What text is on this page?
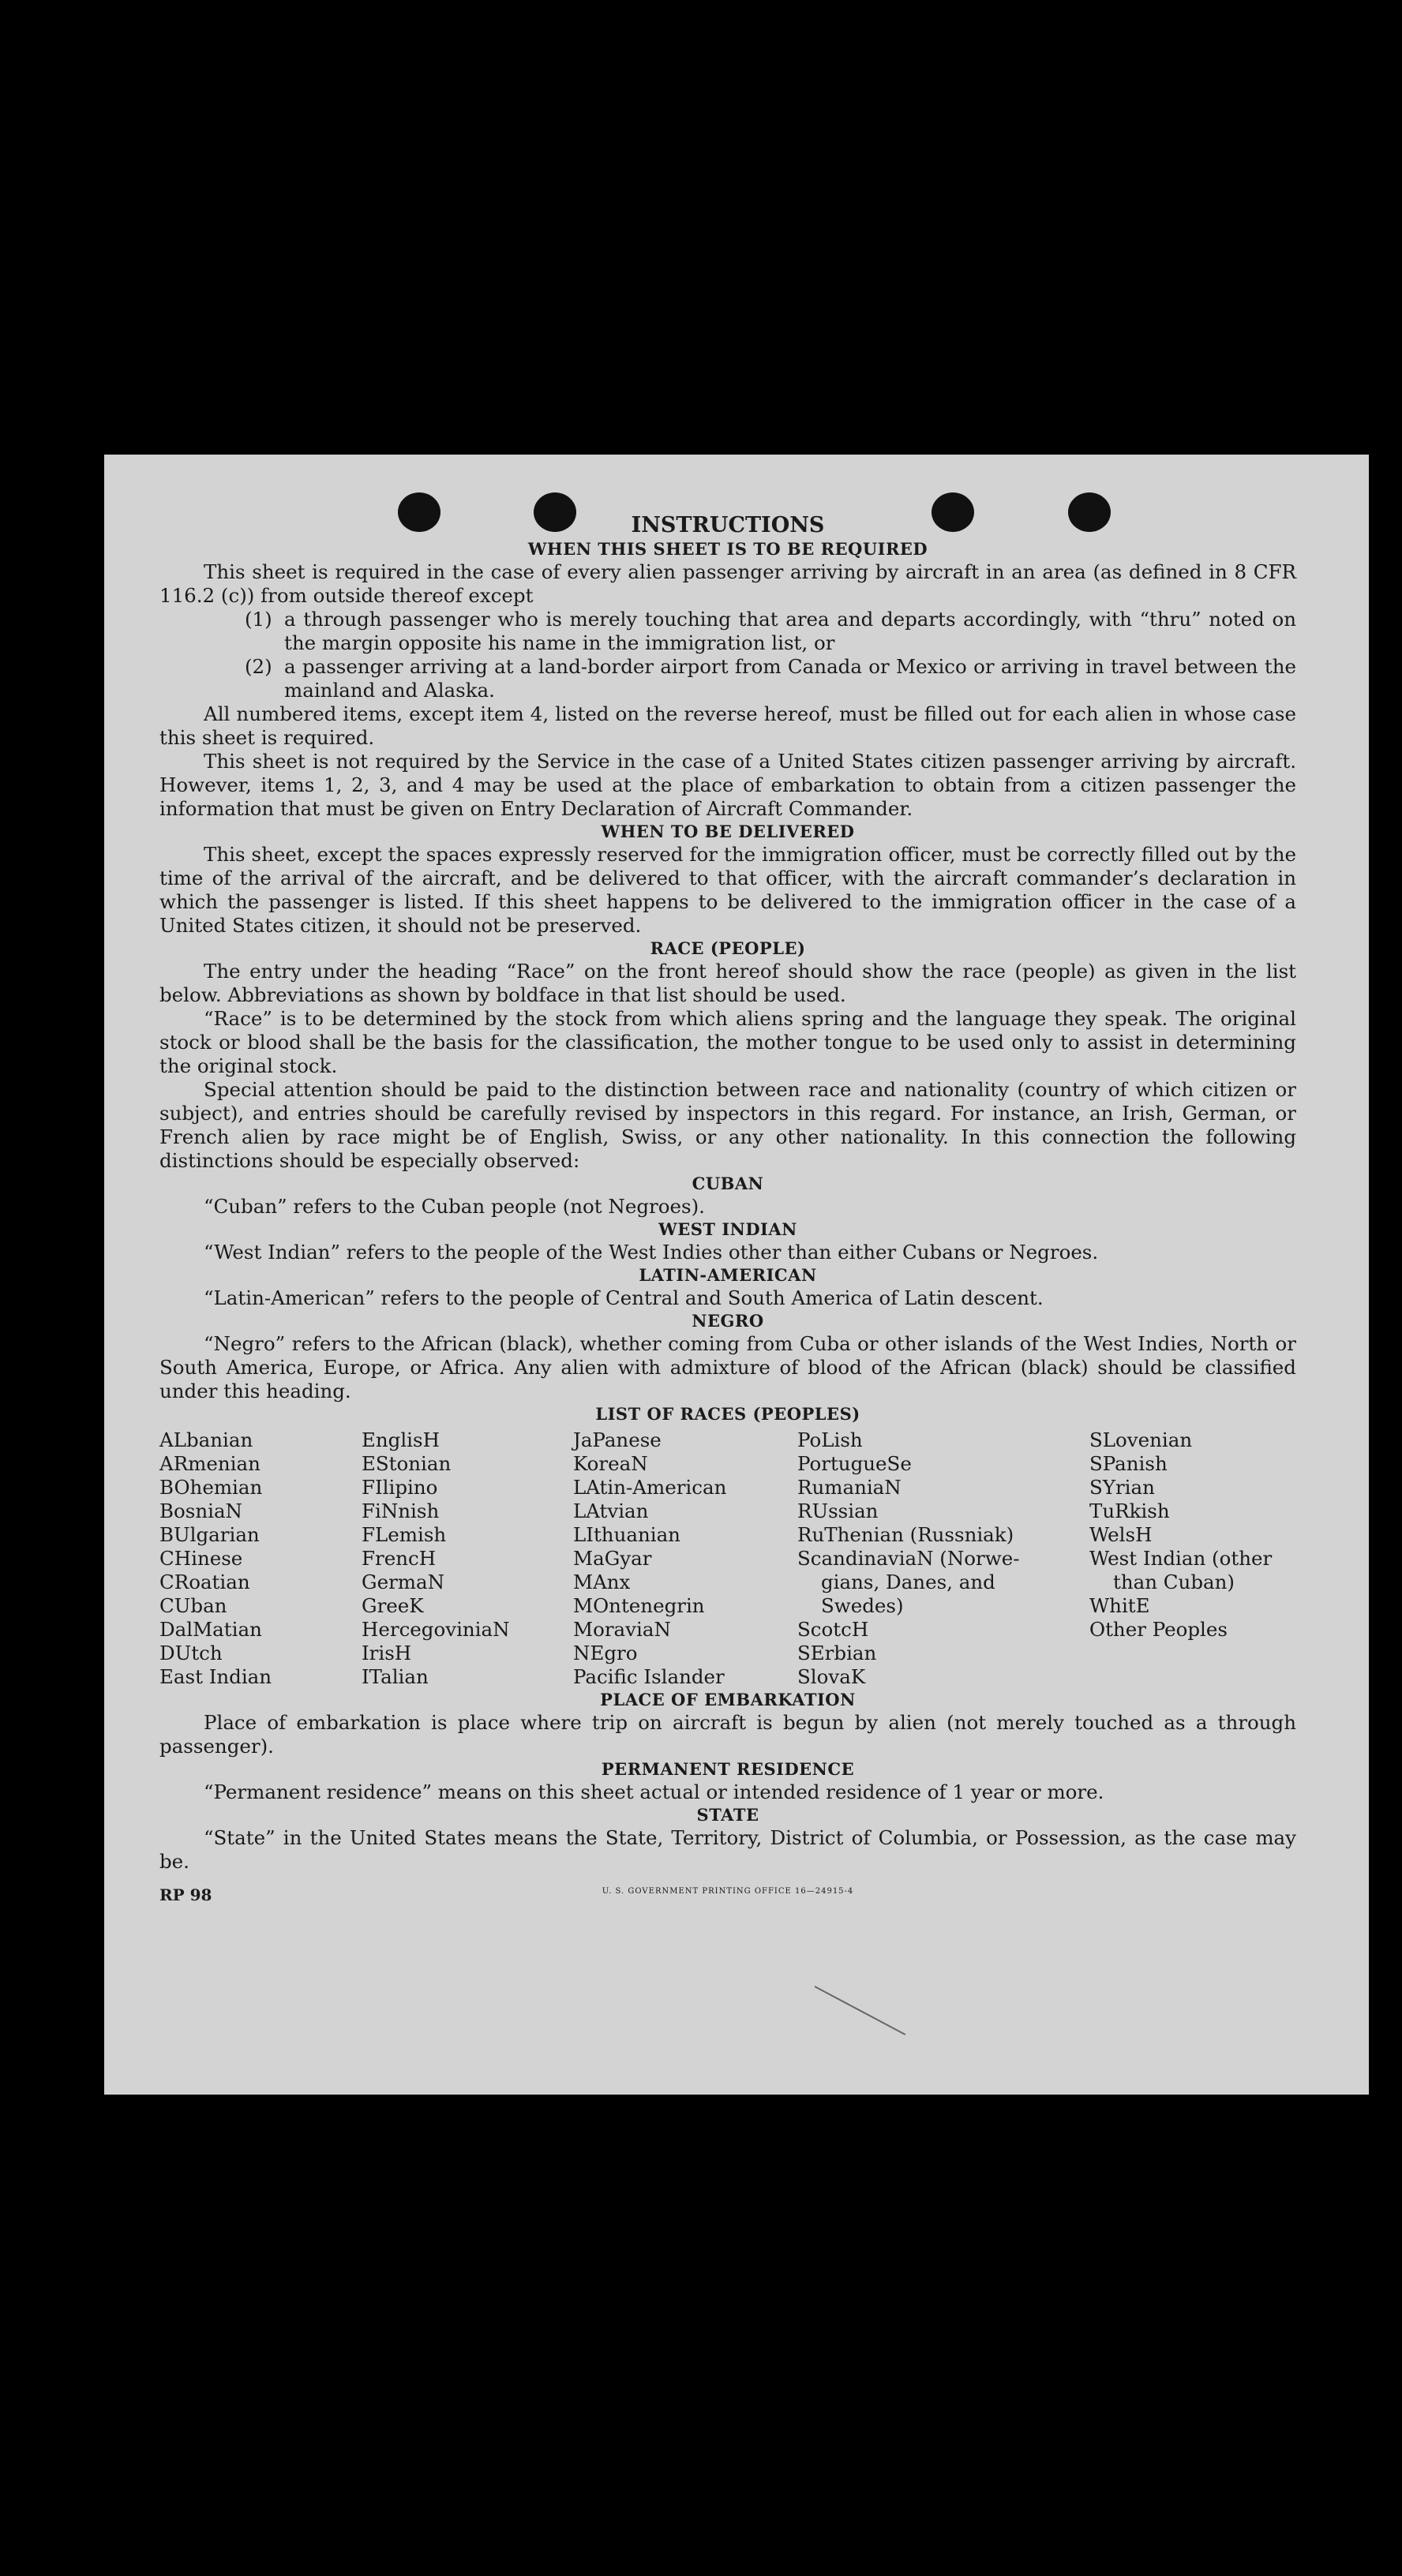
INSTRUCTIONS
WHEN THIS SHEET IS TO BE REQUIRED

This sheet is required in the case of every alien passenger arriving by aircraft in an area (as defined in 8 CFR 116.2 (c)) from outside thereof except

(1) a through passenger who is merely touching that area and departs accordingly, with “thru” noted on the margin opposite his name in the immigration list, or
(2) a passenger arriving at a land-border airport from Canada or Mexico or arriving in travel between the mainland and Alaska.

All numbered items, except item 4, listed on the reverse hereof, must be filled out for each alien in whose case this sheet is required.

This sheet is not required by the Service in the case of a United States citizen passenger arriving by aircraft. However, items 1, 2, 3, and 4 may be used at the place of embarkation to obtain from a citizen passenger the information that must be given on Entry Declaration of Aircraft Commander.

WHEN TO BE DELIVERED

This sheet, except the spaces expressly reserved for the immigration officer, must be correctly filled out by the time of the arrival of the aircraft, and be delivered to that officer, with the aircraft commander’s declaration in which the passenger is listed. If this sheet happens to be delivered to the immigration officer in the case of a United States citizen, it should not be preserved.

RACE (PEOPLE)

The entry under the heading “Race” on the front hereof should show the race (people) as given in the list below. Abbreviations as shown by boldface in that list should be used.

“Race” is to be determined by the stock from which aliens spring and the language they speak. The original stock or blood shall be the basis for the classification, the mother tongue to be used only to assist in determining the original stock.

Special attention should be paid to the distinction between race and nationality (country of which citizen or subject), and entries should be carefully revised by inspectors in this regard. For instance, an Irish, German, or French alien by race might be of English, Swiss, or any other nationality. In this connection the following distinctions should be especially observed:

CUBAN

“Cuban” refers to the Cuban people (not Negroes).

WEST INDIAN

“West Indian” refers to the people of the West Indies other than either Cubans or Negroes.

LATIN-AMERICAN

“Latin-American” refers to the people of Central and South America of Latin descent.

NEGRO

“Negro” refers to the African (black), whether coming from Cuba or other islands of the West Indies, North or South America, Europe, or Africa. Any alien with admixture of blood of the African (black) should be classified under this heading.

LIST OF RACES (PEOPLES)
ALbanian
ARmenian
BOhemian
BosniaN
BUlgarian
CHinese
CRoatian
CUban
DalMatian
DUtch
East Indian
EnglisH
EStonian
FIlipino
FiNnish
FLemish
FrencH
GermaN
GreeK
HercegoviniaN
IrisH
ITalian
JaPanese
KoreaN
LAtin-American
LAtvian
LIthuanian
MaGyar
MAnx
MOntenegrin
MoraviaN
NEgro
Pacific Islander
PoLish
PortugueSe
RumaniaN
RUssian
RuThenian (Russniak)
ScandinaviaN (Norwe-
gians, Danes, and
Swedes)
ScotcH
SErbian
SlovaK
SLovenian
SPanish
SYrian
TuRkish
WelsH
West Indian (other
than Cuban)
WhitE
Other Peoples
PLACE OF EMBARKATION

Place of embarkation is place where trip on aircraft is begun by alien (not merely touched as a through passenger).

PERMANENT RESIDENCE

“Permanent residence” means on this sheet actual or intended residence of 1 year or more.

STATE

“State” in the United States means the State, Territory, District of Columbia, or Possession, as the case may be.

RP 98	U. S. GOVERNMENT PRINTING OFFICE 16—24915-4
